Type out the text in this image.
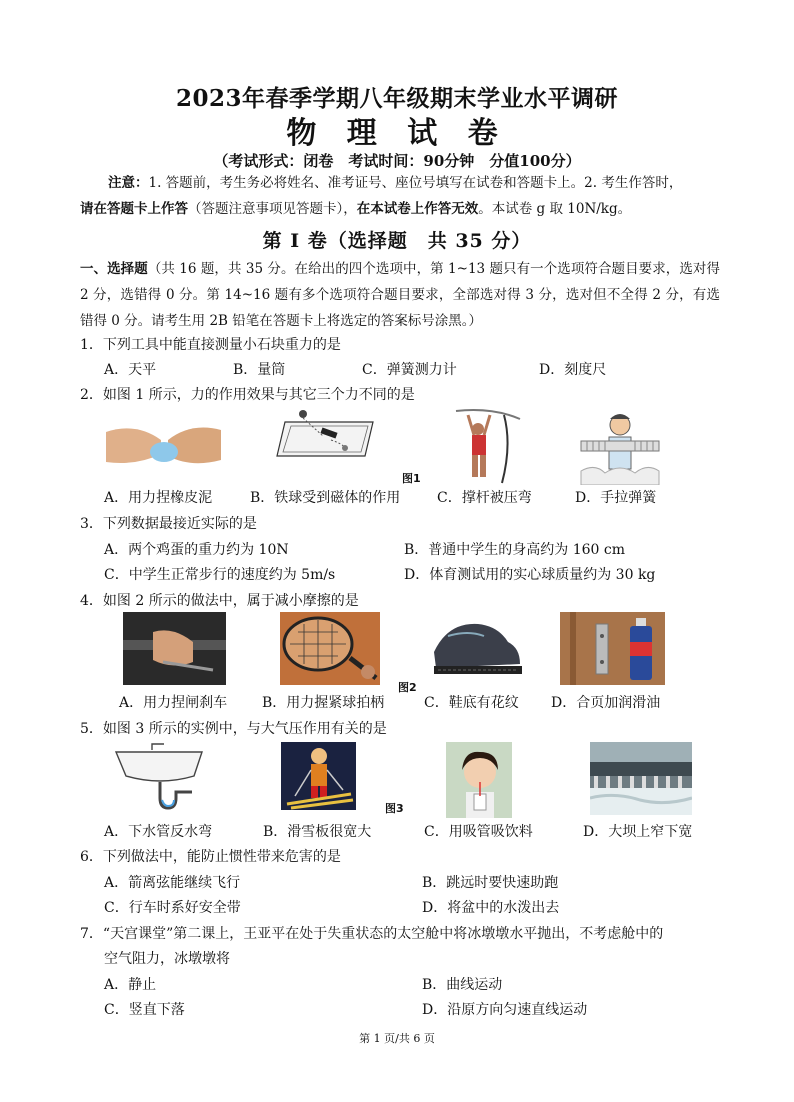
2023年春季学期八年级期末学业水平调研
物 理 试 卷
（考试形式：闭卷　考试时间：90分钟　分值100分）
注意：1. 答题前，考生务必将姓名、准考证号、座位号填写在试卷和答题卡上。2. 考生作答时，
请在答题卡上作答（答题注意事项见答题卡），在本试卷上作答无效。本试卷 g 取 10N/kg。
第 I 卷（选择题　共 35 分）
一、选择题（共 16 题，共 35 分。在给出的四个选项中，第 1~13 题只有一个选项符合题目要求，选对得 2 分，选错得 0 分。第 14~16 题有多个选项符合题目要求，全部选对得 3 分，选对但不全得 2 分，有选错得 0 分。请考生用 2B 铅笔在答题卡上将选定的答案标号涂黑。）
1．下列工具中能直接测量小石块重力的是
A．天平	B．量筒	C．弹簧测力计	D．刻度尺
2．如图 1 所示，力的作用效果与其它三个力不同的是
图1
A．用力捏橡皮泥	B．铁球受到磁体的作用	C．撑杆被压弯	D．手拉弹簧
3．下列数据最接近实际的是
A．两个鸡蛋的重力约为 10N	B．普通中学生的身高约为 160 cm
C．中学生正常步行的速度约为 5m/s	D．体育测试用的实心球质量约为 30 kg
4．如图 2 所示的做法中，属于减小摩擦的是
图2
A．用力捏闸刹车 B．用力握紧球拍柄	C．鞋底有花纹 D．合页加润滑油
5．如图 3 所示的实例中，与大气压作用有关的是
图3
A．下水管反水弯	B．滑雪板很宽大	C．用吸管吸饮料	D．大坝上窄下宽
6．下列做法中，能防止惯性带来危害的是
A．箭离弦能继续飞行	B．跳远时要快速助跑
C．行车时系好安全带	D．将盆中的水泼出去
7．“天宫课堂”第二课上，王亚平在处于失重状态的太空舱中将冰墩墩水平抛出，不考虑舱中的
空气阻力，冰墩墩将
A．静止	B．曲线运动
C．竖直下落	D．沿原方向匀速直线运动
第 1 页/共 6 页
